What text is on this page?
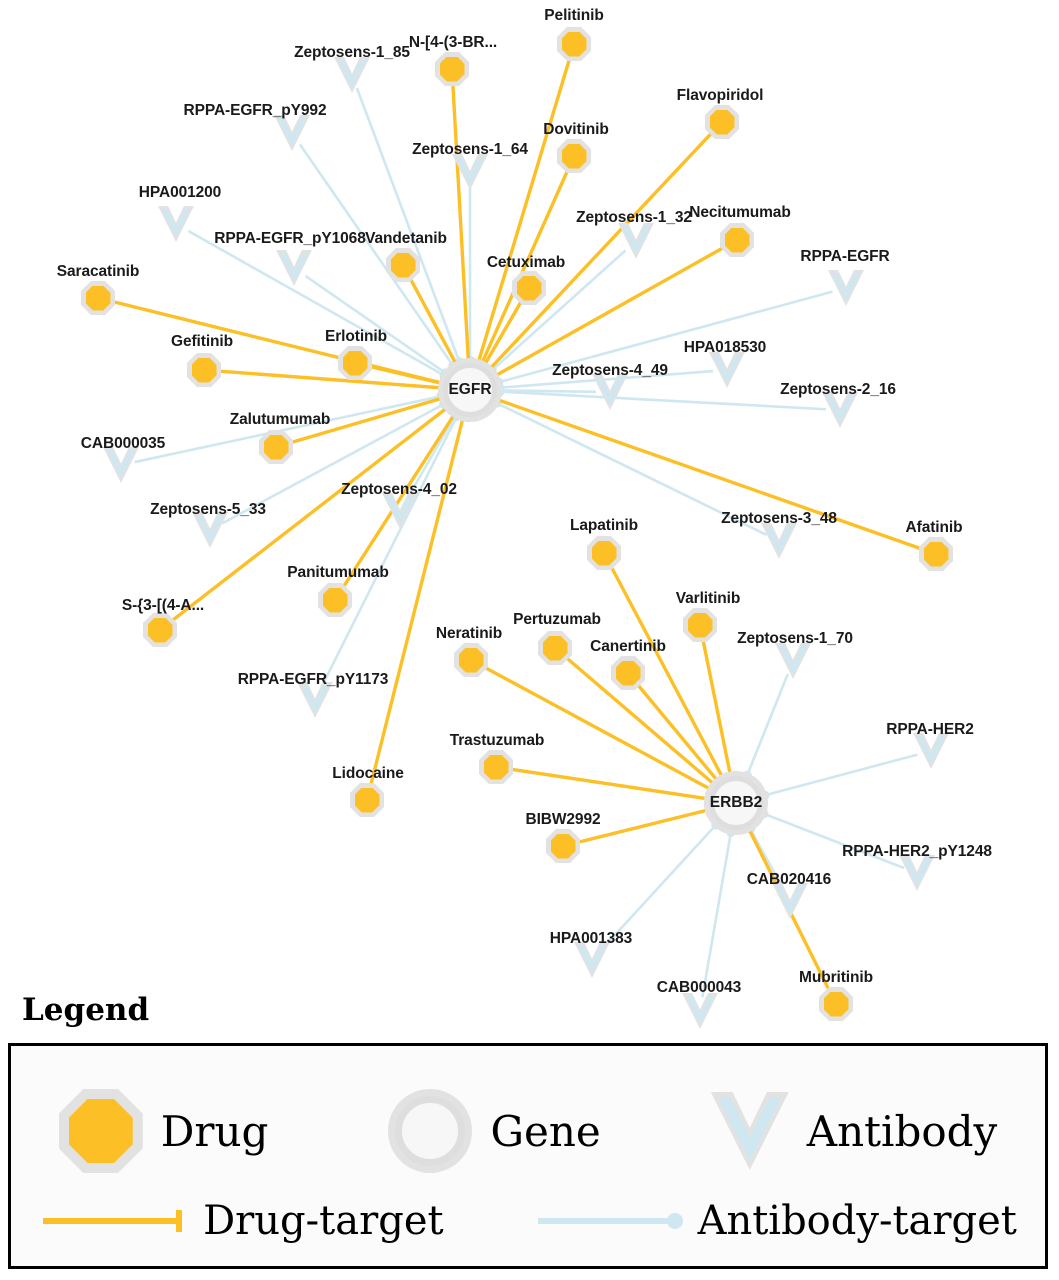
Zeptosens-1_85
RPPA-EGFR_pY992
Zeptosens-1_64
HPA001200
Zeptosens-1_32
RPPA-EGFR_pY1068
RPPA-EGFR
HPA018530
Zeptosens-4_49
Zeptosens-2_16
CAB000035
Zeptosens-4_02
Zeptosens-5_33
Zeptosens-3_48
RPPA-EGFR_pY1173
Zeptosens-1_70
RPPA-HER2
RPPA-HER2_pY1248
CAB020416
HPA001383
CAB000043
Pelitinib
N-[4-(3-BR...
Flavopiridol
Dovitinib
Necitumumab
Vandetanib
Cetuximab
Saracatinib
Erlotinib
Gefitinib
Zalutumumab
Afatinib
Lapatinib
Varlitinib
Panitumumab
S-{3-[(4-A...
Pertuzumab
Neratinib
Canertinib
Trastuzumab
Lidocaine
BIBW2992
Mubritinib
EGFR
ERBB2
Legend
Drug	Gene	Antibody
Drug-target	Antibody-target
